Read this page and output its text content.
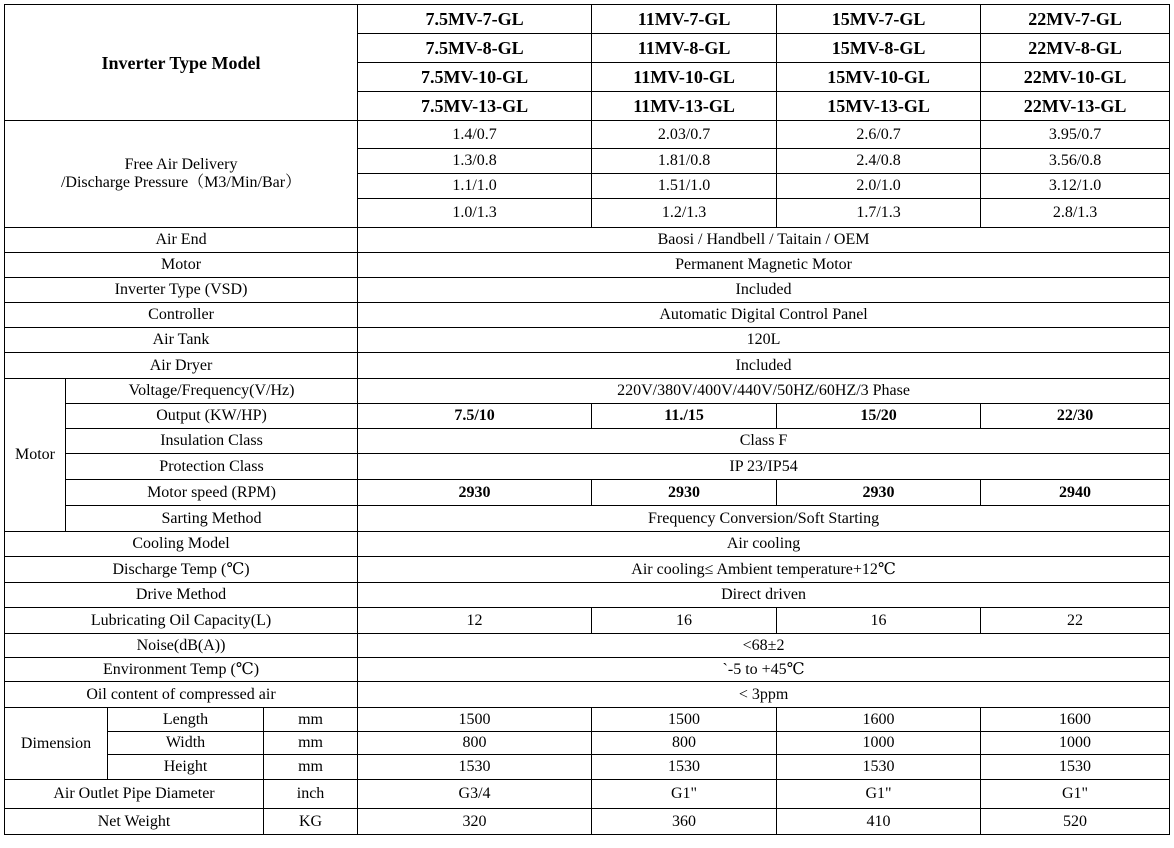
Inverter Type Model				7.5MV-7-GL	11MV-7-GL	15MV-7-GL	22MV-7-GL
				7.5MV-8-GL	11MV-8-GL	15MV-8-GL	22MV-8-GL
				7.5MV-10-GL	11MV-10-GL	15MV-10-GL	22MV-10-GL
				7.5MV-13-GL	11MV-13-GL	15MV-13-GL	22MV-13-GL

Free Air Delivery
/Discharge Pressure（M3/Min/Bar）				1.4/0.7	2.03/0.7	2.6/0.7	3.95/0.7
				1.3/0.8	1.81/0.8	2.4/0.8	3.56/0.8
				1.1/1.0	1.51/1.0	2.0/1.0	3.12/1.0
				1.0/1.3	1.2/1.3	1.7/1.3	2.8/1.3
Air End				Baosi / Handbell / Taitain / OEM			
Motor				Permanent Magnetic Motor			
Inverter Type (VSD)				Included			
Controller				Automatic Digital Control Panel			
Air Tank				120L			
Air Dryer				Included			
Motor	Voltage/Frequency(V/Hz)			220V/380V/400V/440V/50HZ/60HZ/3 Phase			
	Output (KW/HP)			7.5/10	11./15	15/20	22/30
	Insulation Class			Class F			
	Protection Class			IP 23/IP54			
	Motor speed (RPM)			2930	2930	2930	2940
	Sarting Method			Frequency Conversion/Soft Starting			
Cooling Model				Air cooling			
Discharge Temp (℃)				Air cooling≤ Ambient temperature+12℃			
Drive Method				Direct driven			
Lubricating Oil Capacity(L)				12	16	16	22
Noise(dB(A))				<68±2			
Environment Temp (℃)				`-5 to +45℃			
Oil content of compressed air				< 3ppm			
Dimension		Length	mm	1500	1500	1600	1600
		Width	mm	800	800	1000	1000
		Height	mm	1530	1530	1530	1530
Air Outlet Pipe Diameter			inch	G3/4	G1"	G1"	G1"
Net Weight			KG	320	360	410	520
